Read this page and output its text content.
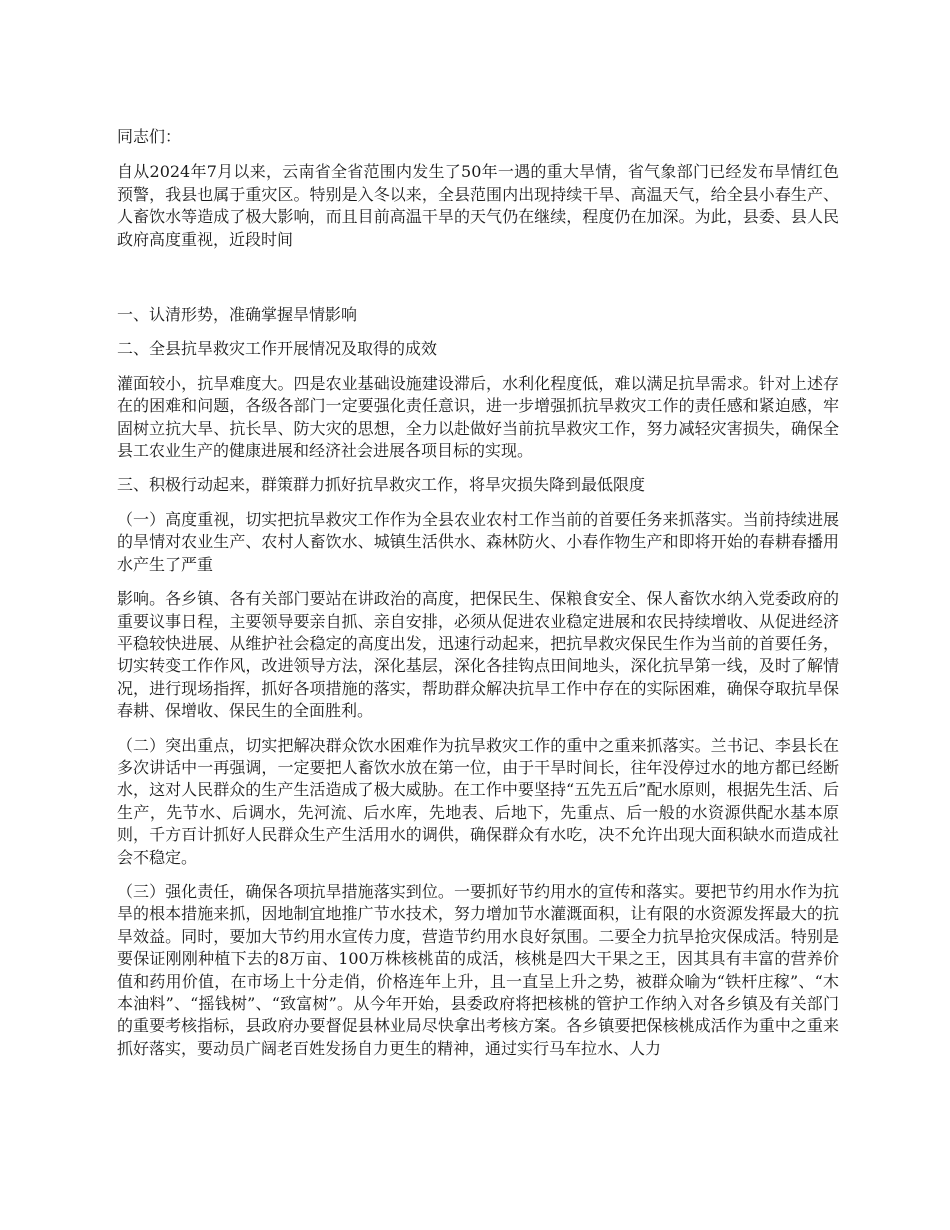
同志们：

自从2024年7月以来，云南省全省范围内发生了50年一遇的重大旱情，省气象部门已经发布旱情红色预警，我县也属于重灾区。特别是入冬以来，全县范围内出现持续干旱、高温天气，给全县小春生产、人畜饮水等造成了极大影响，而且目前高温干旱的天气仍在继续，程度仍在加深。为此，县委、县人民政府高度重视，近段时间

一、认清形势，准确掌握旱情影响

二、全县抗旱救灾工作开展情况及取得的成效

灌面较小，抗旱难度大。四是农业基础设施建设滞后，水利化程度低，难以满足抗旱需求。针对上述存在的困难和问题，各级各部门一定要强化责任意识，进一步增强抓抗旱救灾工作的责任感和紧迫感，牢固树立抗大旱、抗长旱、防大灾的思想，全力以赴做好当前抗旱救灾工作，努力减轻灾害损失，确保全县工农业生产的健康进展和经济社会进展各项目标的实现。

三、积极行动起来，群策群力抓好抗旱救灾工作，将旱灾损失降到最低限度

（一）高度重视，切实把抗旱救灾工作作为全县农业农村工作当前的首要任务来抓落实。当前持续进展的旱情对农业生产、农村人畜饮水、城镇生活供水、森林防火、小春作物生产和即将开始的春耕春播用水产生了严重

影响。各乡镇、各有关部门要站在讲政治的高度，把保民生、保粮食安全、保人畜饮水纳入党委政府的重要议事日程，主要领导要亲自抓、亲自安排，必须从促进农业稳定进展和农民持续增收、从促进经济平稳较快进展、从维护社会稳定的高度出发，迅速行动起来，把抗旱救灾保民生作为当前的首要任务，切实转变工作作风，改进领导方法，深化基层，深化各挂钩点田间地头，深化抗旱第一线，及时了解情况，进行现场指挥，抓好各项措施的落实，帮助群众解决抗旱工作中存在的实际困难，确保夺取抗旱保春耕、保增收、保民生的全面胜利。

（二）突出重点，切实把解决群众饮水困难作为抗旱救灾工作的重中之重来抓落实。兰书记、李县长在多次讲话中一再强调，一定要把人畜饮水放在第一位，由于干旱时间长，往年没停过水的地方都已经断水，这对人民群众的生产生活造成了极大威胁。在工作中要坚持“五先五后”配水原则，根据先生活、后生产，先节水、后调水，先河流、后水库，先地表、后地下，先重点、后一般的水资源供配水基本原则，千方百计抓好人民群众生产生活用水的调供，确保群众有水吃，决不允许出现大面积缺水而造成社会不稳定。

（三）强化责任，确保各项抗旱措施落实到位。一要抓好节约用水的宣传和落实。要把节约用水作为抗旱的根本措施来抓，因地制宜地推广节水技术，努力增加节水灌溉面积，让有限的水资源发挥最大的抗旱效益。同时，要加大节约用水宣传力度，营造节约用水良好氛围。二要全力抗旱抢灾保成活。特别是要保证刚刚种植下去的8万亩、100万株核桃苗的成活，核桃是四大干果之王，因其具有丰富的营养价值和药用价值，在市场上十分走俏，价格连年上升，且一直呈上升之势，被群众喻为“铁杆庄稼”、“木本油料”、“摇钱树”、“致富树”。从今年开始，县委政府将把核桃的管护工作纳入对各乡镇及有关部门的重要考核指标，县政府办要督促县林业局尽快拿出考核方案。各乡镇要把保核桃成活作为重中之重来抓好落实，要动员广阔老百姓发扬自力更生的精神，通过实行马车拉水、人力
